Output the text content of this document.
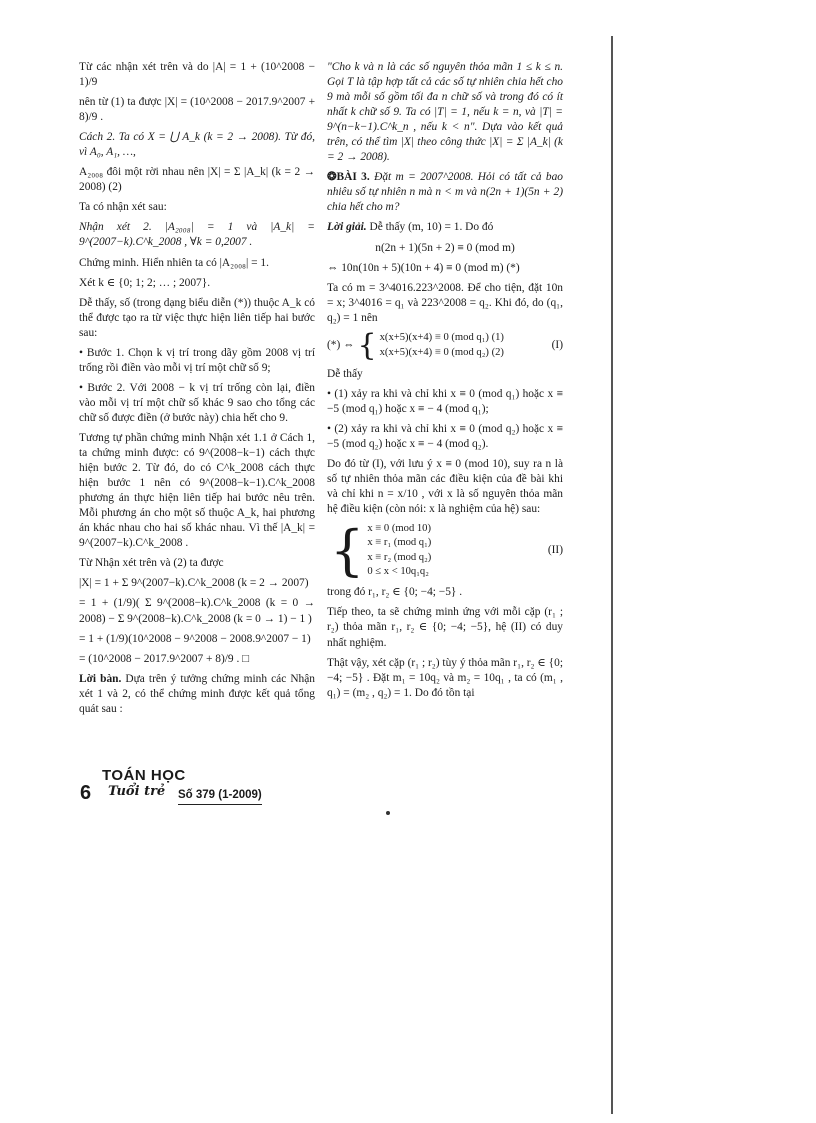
Từ các nhận xét trên và do |A| = 1 + (10^2008 − 1)/9

nên từ (1) ta được |X| = (10^2008 − 2017.9^2007 + 8)/9 .

Cách 2. Ta có X = ⋃ A_k (k = 2 → 2008). Từ đó, vì A₀, A₁, …,

A₂₀₀₈ đôi một rời nhau nên |X| = Σ |A_k| (k = 2 → 2008) (2)

Ta có nhận xét sau:

Nhận xét 2. |A₂₀₀₈| = 1 và |A_k| = 9^(2007−k).C^k_2008 , ∀k = 0,2007 .

Chứng minh. Hiển nhiên ta có |A₂₀₀₈| = 1.

Xét k ∈ {0; 1; 2; … ; 2007}.

Dễ thấy, số (trong dạng biểu diễn (*)) thuộc A_k có thể được tạo ra từ việc thực hiện liên tiếp hai bước sau:

• Bước 1. Chọn k vị trí trong dãy gồm 2008 vị trí trống rồi điền vào mỗi vị trí một chữ số 9;

• Bước 2. Với 2008 − k vị trí trống còn lại, điền vào mỗi vị trí một chữ số khác 9 sao cho tổng các chữ số được điền (ở bước này) chia hết cho 9.

Tương tự phần chứng minh Nhận xét 1.1 ở Cách 1, ta chứng minh được: có 9^(2008−k−1) cách thực hiện bước 2. Từ đó, do có C^k_2008 cách thực hiện bước 1 nên có 9^(2008−k−1).C^k_2008 phương án thực hiện liên tiếp hai bước nêu trên. Mỗi phương án cho một số thuộc A_k, hai phương án khác nhau cho hai số khác nhau. Vì thế |A_k| = 9^(2007−k).C^k_2008 .

Từ Nhận xét trên và (2) ta được

|X| = 1 + Σ 9^(2007−k).C^k_2008 (k = 2 → 2007)

= 1 + (1/9)( Σ 9^(2008−k).C^k_2008 (k = 0 → 2008) − Σ 9^(2008−k).C^k_2008 (k = 0 → 1) − 1 )

= 1 + (1/9)(10^2008 − 9^2008 − 2008.9^2007 − 1)

= (10^2008 − 2017.9^2007 + 8)/9 . □

Lời bàn. Dựa trên ý tưởng chứng minh các Nhận xét 1 và 2, có thể chứng minh được kết quả tổng quát sau :

"Cho k và n là các số nguyên thỏa mãn 1 ≤ k ≤ n. Gọi T là tập hợp tất cả các số tự nhiên chia hết cho 9 mà mỗi số gồm tối đa n chữ số và trong đó có ít nhất k chữ số 9. Ta có |T| = 1, nếu k = n, và |T| = 9^(n−k−1).C^k_n , nếu k < n". Dựa vào kết quả trên, có thể tìm |X| theo công thức |X| = Σ |A_k| (k = 2 → 2008).

❂BÀI 3. Đặt m = 2007^2008. Hỏi có tất cả bao nhiêu số tự nhiên n mà n < m và n(2n + 1)(5n + 2) chia hết cho m?

Lời giải. Dễ thấy (m, 10) = 1. Do đó

n(2n + 1)(5n + 2) ≡ 0 (mod m)

⇔ 10n(10n + 5)(10n + 4) ≡ 0 (mod m) (*)

Ta có m = 3^4016.223^2008. Để cho tiện, đặt 10n = x; 3^4016 = q₁ và 223^2008 = q₂. Khi đó, do (q₁, q₂) = 1 nên

(*) ⇔ { x(x+5)(x+4) ≡ 0 (mod q₁) (1)
x(x+5)(x+4) ≡ 0 (mod q₂) (2)
(I)

Dễ thấy

• (1) xảy ra khi và chỉ khi x ≡ 0 (mod q₁) hoặc x ≡ −5 (mod q₁) hoặc x ≡ − 4 (mod q₁);

• (2) xảy ra khi và chỉ khi x ≡ 0 (mod q₂) hoặc x ≡ −5 (mod q₂) hoặc x ≡ − 4 (mod q₂).

Do đó từ (I), với lưu ý x ≡ 0 (mod 10), suy ra n là số tự nhiên thỏa mãn các điều kiện của đề bài khi và chỉ khi n = x/10 , với x là số nguyên thỏa mãn hệ điều kiện (còn nói: x là nghiệm của hệ) sau:

{ x ≡ 0 (mod 10)
x ≡ r₁ (mod q₁)
x ≡ r₂ (mod q₂)
0 ≤ x < 10q₁q₂
(II)

trong đó r₁, r₂ ∈ {0; −4; −5} .

Tiếp theo, ta sẽ chứng minh ứng với mỗi cặp (r₁ ; r₂) thỏa mãn r₁, r₂ ∈ {0; −4; −5}, hệ (II) có duy nhất nghiệm.

Thật vậy, xét cặp (r₁ ; r₂) tùy ý thỏa mãn r₁, r₂ ∈ {0; −4; −5} . Đặt m₁ = 10q₂ và m₂ = 10q₁ , ta có (m₁ , q₁) = (m₂ , q₂) = 1. Do đó tồn tại

6
TOÁN HỌC
Tuổi trẻ Số 379 (1-2009)
